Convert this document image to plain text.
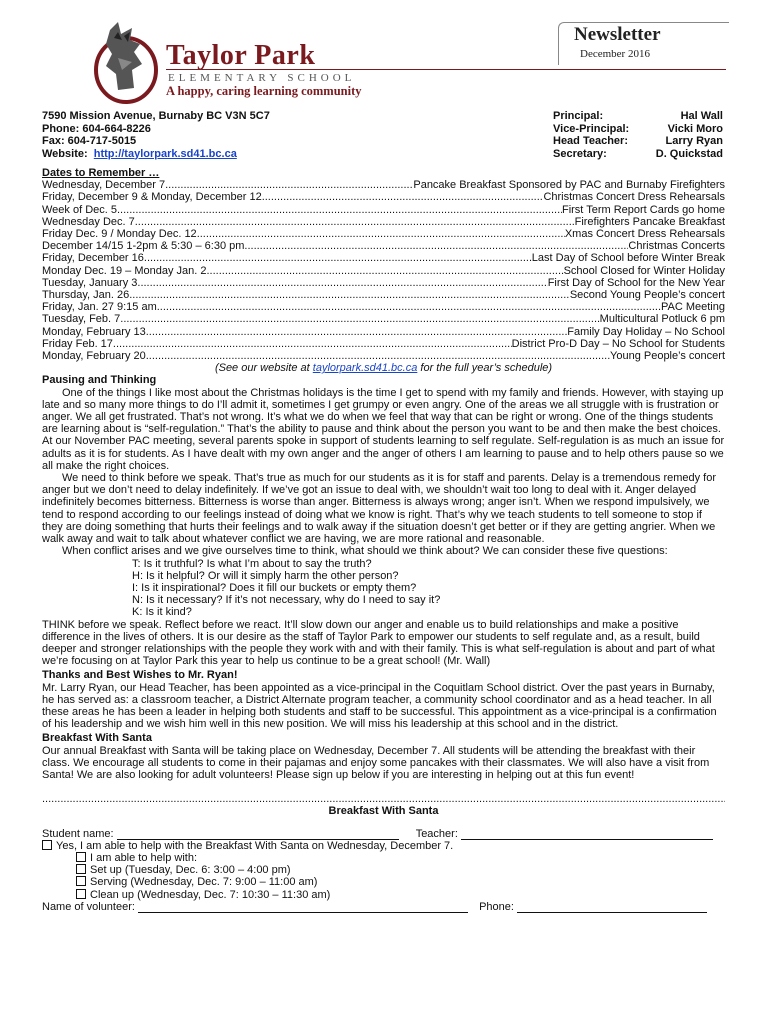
Taylor Park
ELEMENTARY SCHOOL
A happy, caring learning community
Newsletter
December 2016
7590 Mission Avenue, Burnaby BC V3N 5C7
Phone: 604-664-8226
Fax: 604-717-5015
Website: http://taylorpark.sd41.bc.ca
Principal:	Hal Wall
Vice-Principal:	Vicki Moro
Head Teacher:	Larry Ryan
Secretary:	D. Quickstad
Dates to Remember …
Wednesday, December 7 .....	Pancake Breakfast Sponsored by PAC and Burnaby Firefighters
Friday, December 9 & Monday, December 12 .....	Christmas Concert Dress Rehearsals
Week of Dec. 5 .....	First Term Report Cards go home
Wednesday Dec. 7 .....	Firefighters Pancake Breakfast
Friday Dec. 9 / Monday Dec. 12 .....	Xmas Concert Dress Rehearsals
December 14/15 1-2pm & 5:30 – 6:30 pm .....	Christmas Concerts
Friday, December 16 .....	Last Day of School before Winter Break
Monday Dec. 19 – Monday Jan. 2 .....	School Closed for Winter Holiday
Tuesday, January 3 .....	First Day of School for the New Year
Thursday, Jan. 26 .....	Second Young People’s concert
Friday, Jan. 27 9:15 am .....	PAC Meeting
Tuesday, Feb. 7 .....	Multicultural Potluck 6 pm
Monday, February 13 .....	Family Day Holiday – No School
Friday Feb. 17 .....	District Pro-D Day – No School for Students
Monday, February 20 .....	Young People’s concert
(See our website at taylorpark.sd41.bc.ca for the full year’s schedule)
Pausing and Thinking

One of the things I like most about the Christmas holidays is the time I get to spend with my family and friends. However, with staying up late and so many more things to do I’ll admit it, sometimes I get grumpy or even angry. One of the areas we all struggle with is frustration or anger. We all get frustrated. That’s not wrong. It’s what we do when we feel that way that can be right or wrong. One of the things students are learning about is “self-regulation.” That’s the ability to pause and think about the person you want to be and then make the best choices. At our November PAC meeting, several parents spoke in support of students learning to self regulate. Self-regulation is as much an issue for adults as it is for students. As I have dealt with my own anger and the anger of others I am learning to pause and to help others pause so we all make the right choices.

We need to think before we speak. That’s true as much for our students as it is for staff and parents. Delay is a tremendous remedy for anger but we don’t need to delay indefinitely. If we’ve got an issue to deal with, we shouldn’t wait too long to deal with it. Anger delayed indefinitely becomes bitterness. Bitterness is worse than anger. Bitterness is always wrong; anger isn’t. When we respond impulsively, we tend to respond according to our feelings instead of doing what we know is right. That’s why we teach students to tell someone to stop if they are doing something that hurts their feelings and to walk away if the situation doesn’t get better or if they are getting angrier. When we walk away and wait to talk about whatever conflict we are having, we are more rational and reasonable.

When conflict arises and we give ourselves time to think, what should we think about? We can consider these five questions:

T: Is it truthful? Is what I’m about to say the truth?
H: Is it helpful? Or will it simply harm the other person?
I: Is it inspirational? Does it fill our buckets or empty them?
N: Is it necessary? If it’s not necessary, why do I need to say it?
K: Is it kind?

THINK before we speak. Reflect before we react. It’ll slow down our anger and enable us to build relationships and make a positive difference in the lives of others. It is our desire as the staff of Taylor Park to empower our students to self regulate and, as a result, build deeper and stronger relationships with the people they work with and with their family. This is what self-regulation is about and part of what we’re focusing on at Taylor Park this year to help us continue to be a great school! (Mr. Wall)

Thanks and Best Wishes to Mr. Ryan!

Mr. Larry Ryan, our Head Teacher, has been appointed as a vice-principal in the Coquitlam School district. Over the past years in Burnaby, he has served as: a classroom teacher, a District Alternate program teacher, a community school coordinator and as a head teacher. In all these areas he has been a leader in helping both students and staff to be successful. This appointment as a vice-principal is a confirmation of his leadership and we wish him well in this new position. We will miss his leadership at this school and in the district.

Breakfast With Santa

Our annual Breakfast with Santa will be taking place on Wednesday, December 7. All students will be attending the breakfast with their class. We encourage all students to come in their pajamas and enjoy some pancakes with their classmates. We will also have a visit from Santa! We are also looking for adult volunteers! Please sign up below if you are interesting in helping out at this fun event!

.....
Breakfast With Santa
Student name:	Teacher:
Yes, I am able to help with the Breakfast With Santa on Wednesday, December 7.
I am able to help with:
Set up (Tuesday, Dec. 6: 3:00 – 4:00 pm)
Serving (Wednesday, Dec. 7: 9:00 – 11:00 am)
Clean up (Wednesday, Dec. 7: 10:30 – 11:30 am)
Name of volunteer:	Phone:
